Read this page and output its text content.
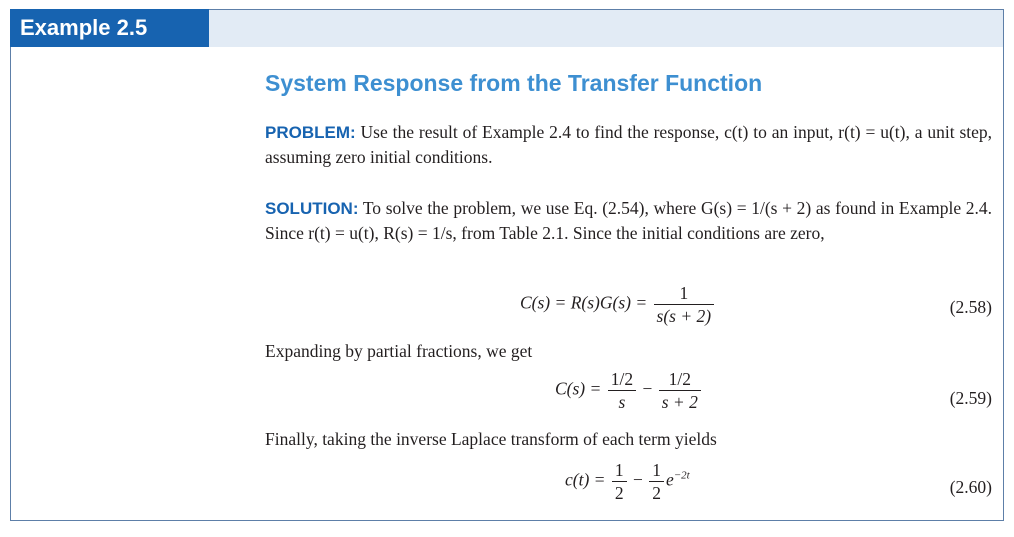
Example 2.5
System Response from the Transfer Function
PROBLEM: Use the result of Example 2.4 to find the response, c(t) to an input, r(t) = u(t), a unit step, assuming zero initial conditions.
SOLUTION: To solve the problem, we use Eq. (2.54), where G(s) = 1/(s + 2) as found in Example 2.4. Since r(t) = u(t), R(s) = 1/s, from Table 2.1. Since the initial conditions are zero,
$C(s) = R(s)G(s) = \frac{1}{s(s + 2)}$	(2.58)
Expanding by partial fractions, we get
$C(s) = \frac{1/2}{s} - \frac{1/2}{s + 2}$	(2.59)
Finally, taking the inverse Laplace transform of each term yields
$c(t) = \frac{1}{2} - \frac{1}{2} e^{-2t}$
(2.60)
